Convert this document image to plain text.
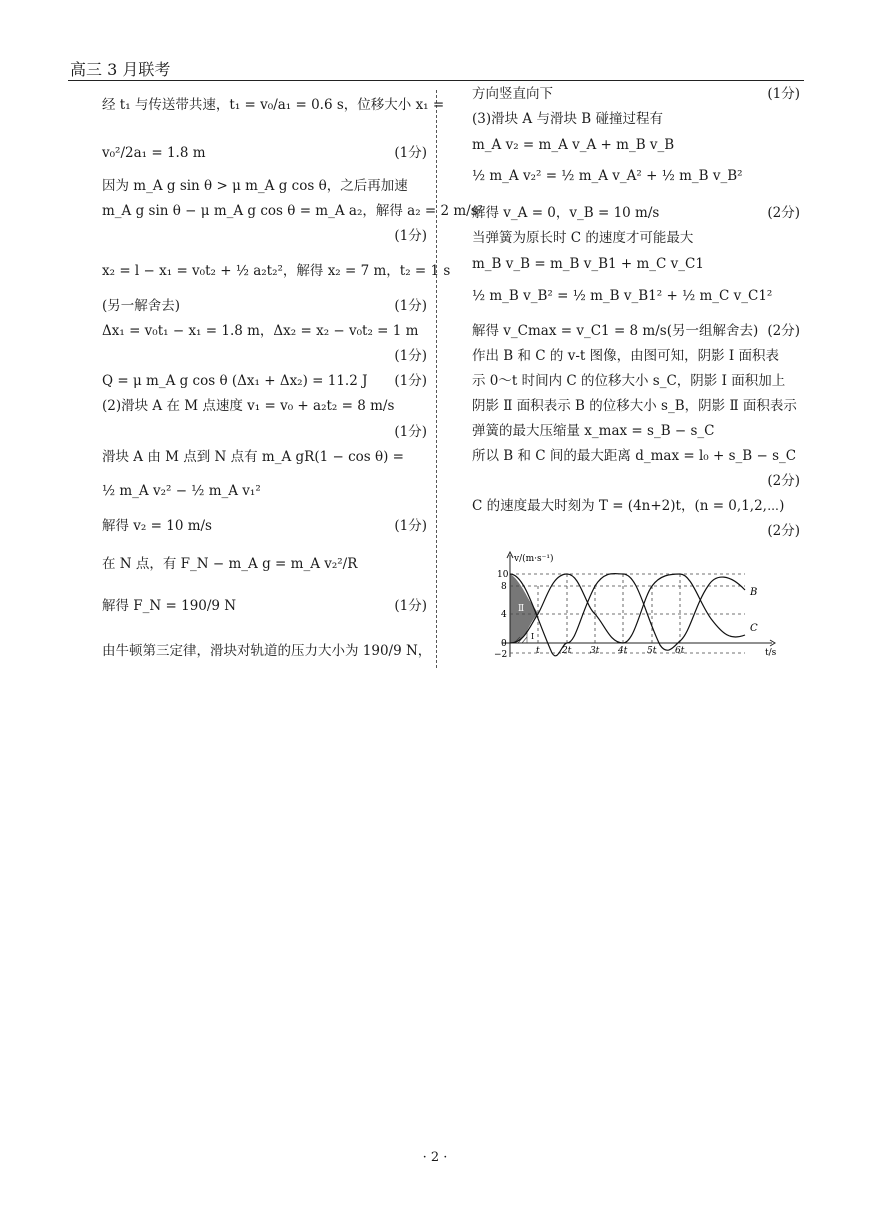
高三 3 月联考
经 t₁ 与传送带共速，t₁ = v₀/a₁ = 0.6 s，位移大小 x₁ =
v₀²/2a₁ = 1.8 m	(1分)
因为 m_A g sin θ > μ m_A g cos θ，之后再加速
m_A g sin θ − μ m_A g cos θ = m_A a₂，解得 a₂ = 2 m/s²
(1分)
x₂ = l − x₁ = v₀t₂ + ½ a₂t₂²，解得 x₂ = 7 m，t₂ = 1 s
(另一解舍去)	(1分)
Δx₁ = v₀t₁ − x₁ = 1.8 m，Δx₂ = x₂ − v₀t₂ = 1 m
(1分)
Q = μ m_A g cos θ (Δx₁ + Δx₂) = 11.2 J (1分)
(2)滑块 A 在 M 点速度 v₁ = v₀ + a₂t₂ = 8 m/s
(1分)
滑块 A 由 M 点到 N 点有 m_A gR(1 − cos θ) =
½ m_A v₂² − ½ m_A v₁²
解得 v₂ = 10 m/s	(1分)
在 N 点，有 F_N − m_A g = m_A v₂²/R
解得 F_N = 190/9 N	(1分)
由牛顿第三定律，滑块对轨道的压力大小为 190/9 N，
方向竖直向下	(1分)
(3)滑块 A 与滑块 B 碰撞过程有
m_A v₂ = m_A v_A + m_B v_B
½ m_A v₂² = ½ m_A v_A² + ½ m_B v_B²
解得 v_A = 0，v_B = 10 m/s	(2分)
当弹簧为原长时 C 的速度才可能最大
m_B v_B = m_B v_B1 + m_C v_C1
½ m_B v_B² = ½ m_B v_B1² + ½ m_C v_C1²
解得 v_Cmax = v_C1 = 8 m/s(另一组解舍去) (2分)
作出 B 和 C 的 v-t 图像，由图可知，阴影 Ⅰ 面积表
示 0～t 时间内 C 的位移大小 s_C，阴影 Ⅰ 面积加上
阴影 Ⅱ 面积表示 B 的位移大小 s_B，阴影 Ⅱ 面积表示
弹簧的最大压缩量 x_max = s_B − s_C
所以 B 和 C 间的最大距离 d_max = l₀ + s_B − s_C
(2分)
C 的速度最大时刻为 T = (4n+2)t，(n = 0,1,2,⋯)
(2分)
v/(m·s⁻¹)
t/s
10
8
4
0
−2	t 2t 3t 4t 5t 6t
B
C
Ⅱ
Ⅰ
· 2 ·
